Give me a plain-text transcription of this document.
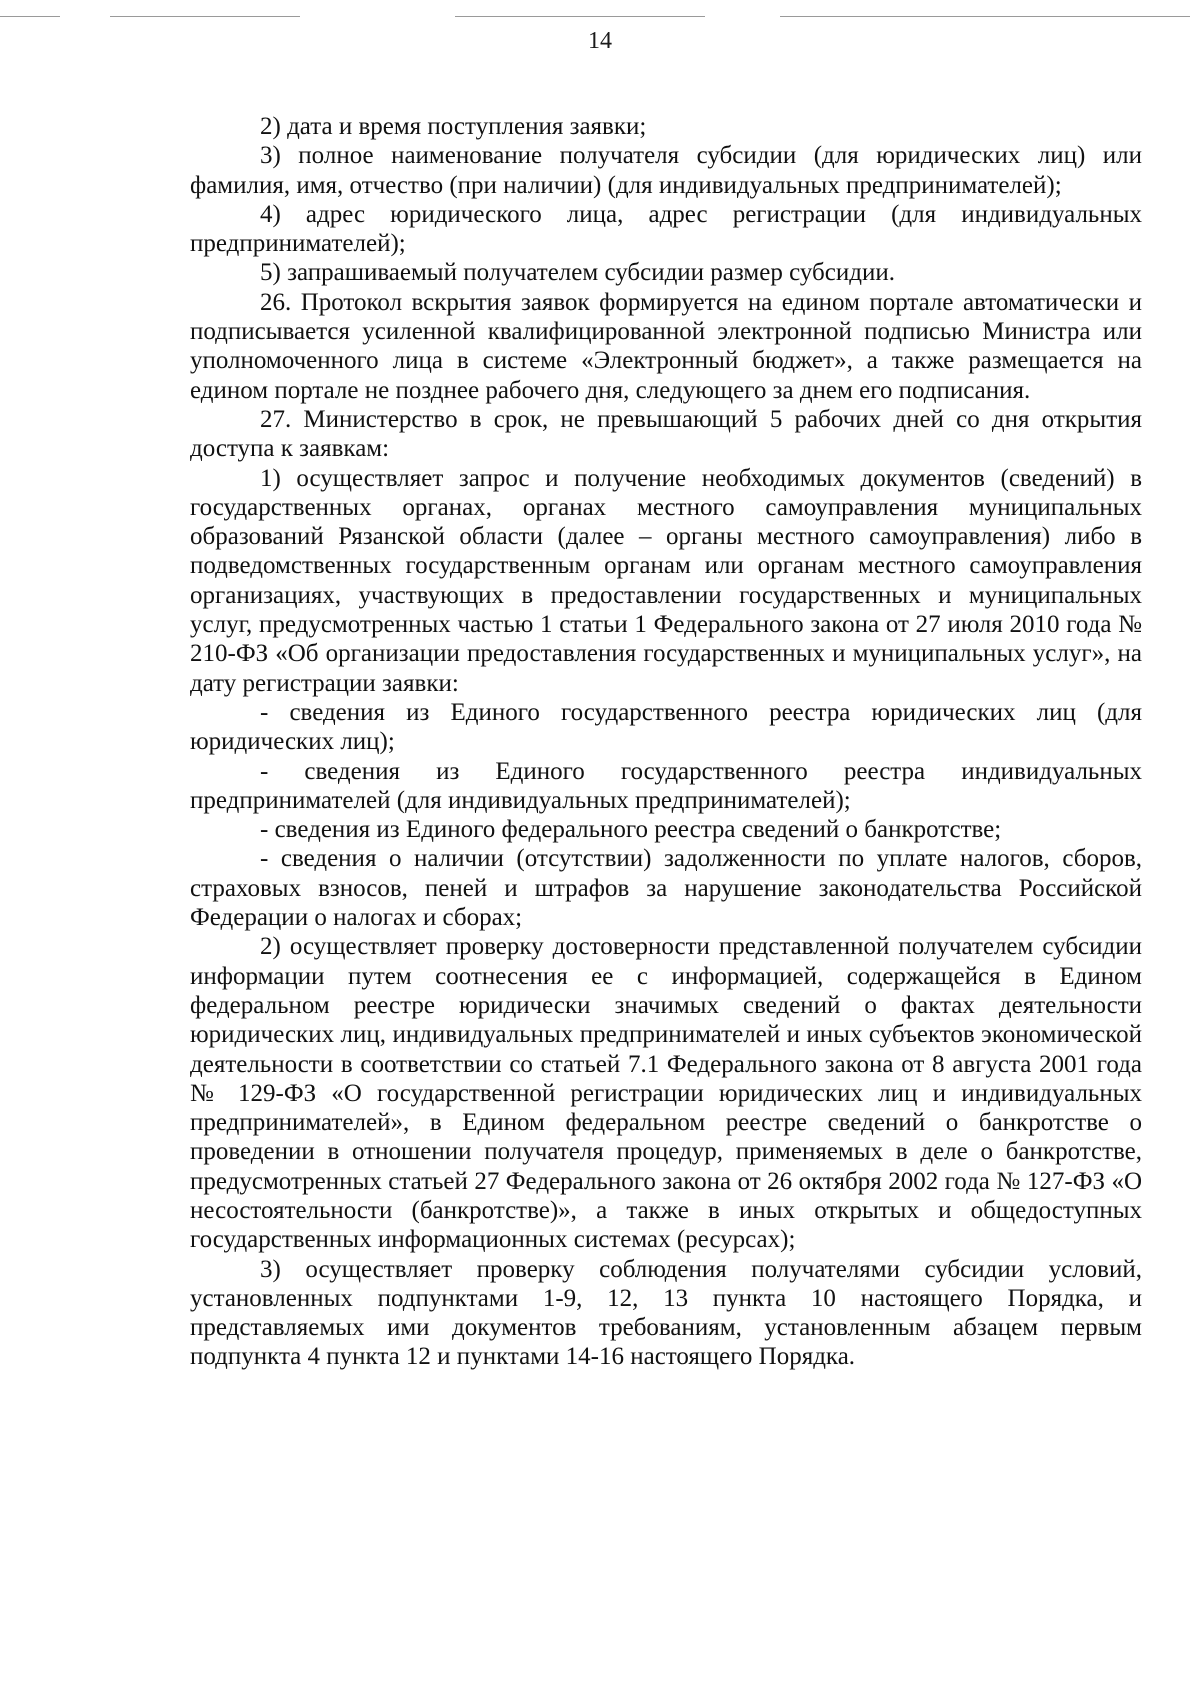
14

2) дата и время поступления заявки;

3) полное наименование получателя субсидии (для юридических лиц) или фамилия, имя, отчество (при наличии) (для индивидуальных предпринимателей);

4) адрес юридического лица, адрес регистрации (для индивидуальных предпринимателей);

5) запрашиваемый получателем субсидии размер субсидии.

26. Протокол вскрытия заявок формируется на едином портале автоматически и подписывается усиленной квалифицированной электронной подписью Министра или уполномоченного лица в системе «Электронный бюджет», а также размещается на едином портале не позднее рабочего дня, следующего за днем его подписания.

27. Министерство в срок, не превышающий 5 рабочих дней со дня открытия доступа к заявкам:

1) осуществляет запрос и получение необходимых документов (сведений) в государственных органах, органах местного самоуправления муниципальных образований Рязанской области (далее – органы местного самоуправления) либо в подведомственных государственным органам или органам местного самоуправления организациях, участвующих в предоставлении государственных и муниципальных услуг, предусмотренных частью 1 статьи 1 Федерального закона от 27 июля 2010 года № 210-ФЗ «Об организации предоставления государственных и муниципальных услуг», на дату регистрации заявки:

- сведения из Единого государственного реестра юридических лиц (для юридических лиц);

- сведения из Единого государственного реестра индивидуальных предпринимателей (для индивидуальных предпринимателей);

- сведения из Единого федерального реестра сведений о банкротстве;

- сведения о наличии (отсутствии) задолженности по уплате налогов, сборов, страховых взносов, пеней и штрафов за нарушение законодательства Российской Федерации о налогах и сборах;

2) осуществляет проверку достоверности представленной получателем субсидии информации путем соотнесения ее с информацией, содержащейся в Едином федеральном реестре юридически значимых сведений о фактах деятельности юридических лиц, индивидуальных предпринимателей и иных субъектов экономической деятельности в соответствии со статьей 7.1 Федерального закона от 8 августа 2001 года № 129-ФЗ «О государственной регистрации юридических лиц и индивидуальных предпринимателей», в Едином федеральном реестре сведений о банкротстве о проведении в отношении получателя процедур, применяемых в деле о банкротстве, предусмотренных статьей 27 Федерального закона от 26 октября 2002 года № 127-ФЗ «О несостоятельности (банкротстве)», а также в иных открытых и общедоступных государственных информационных системах (ресурсах);

3) осуществляет проверку соблюдения получателями субсидии условий, установленных подпунктами 1-9, 12, 13 пункта 10 настоящего Порядка, и представляемых ими документов требованиям, установленным абзацем первым подпункта 4 пункта 12 и пунктами 14-16 настоящего Порядка.
